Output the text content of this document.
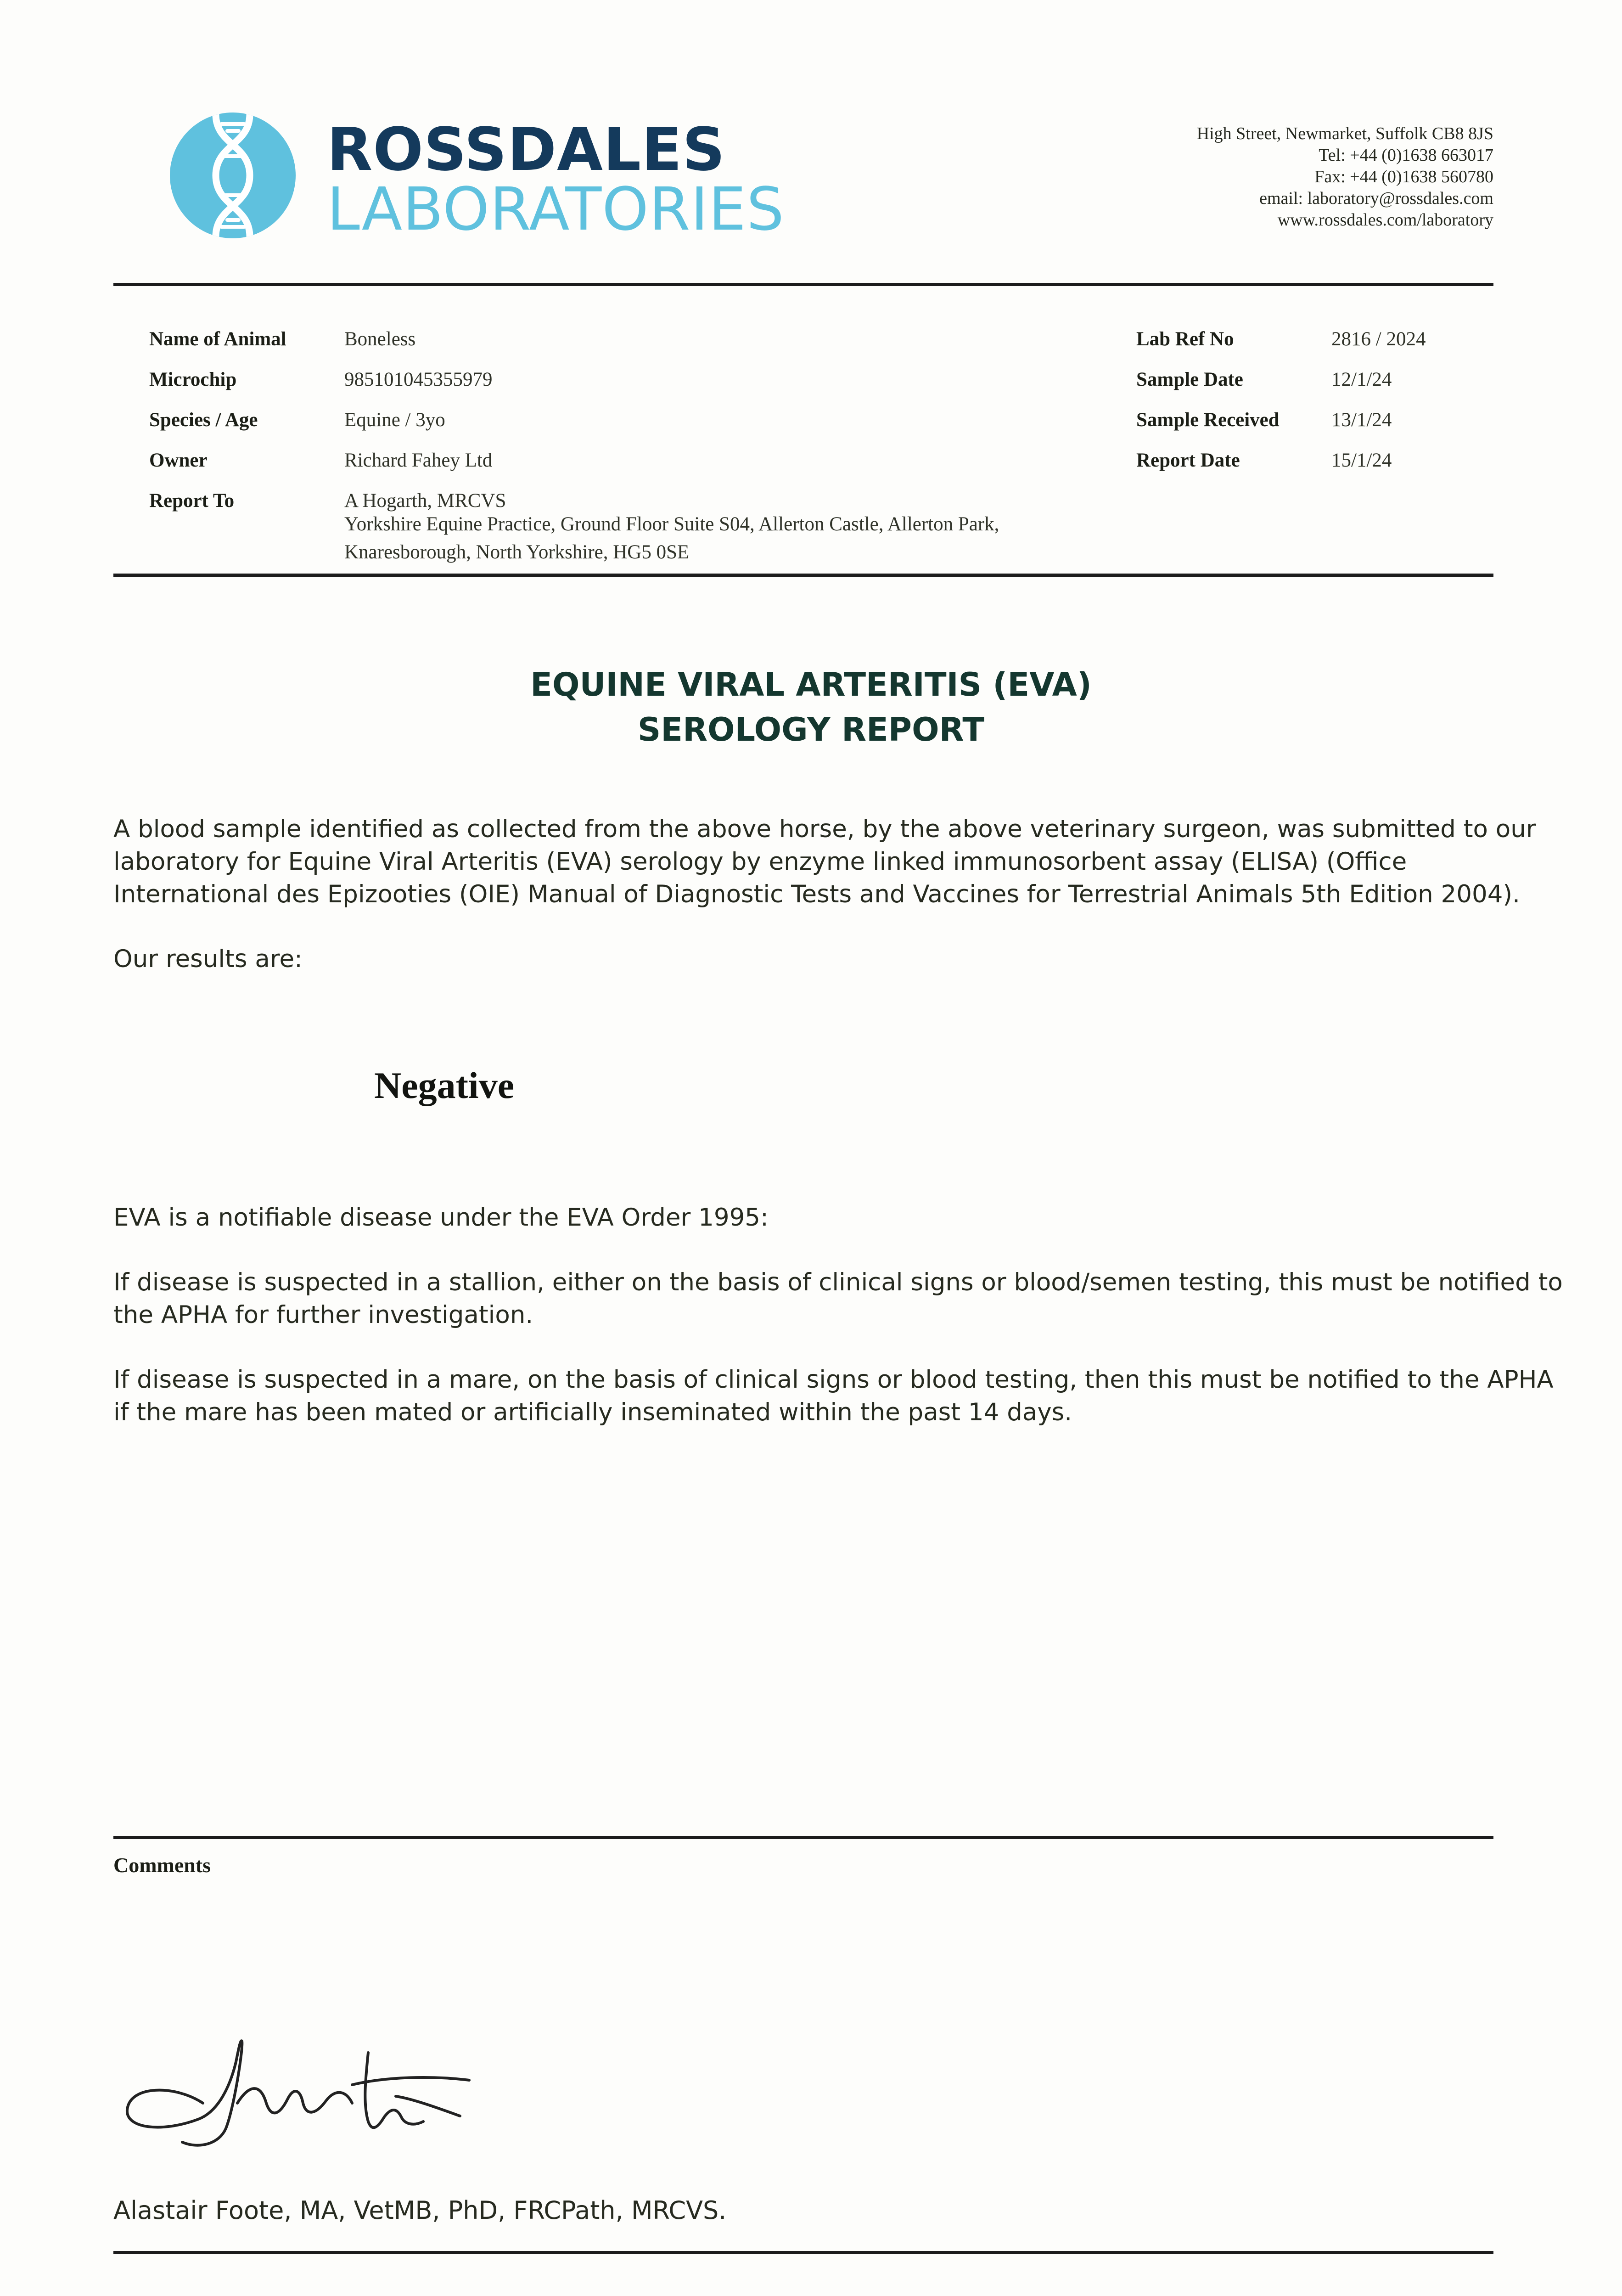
ROSSDALES
LABORATORIES
High Street, Newmarket, Suffolk CB8 8JS
Tel: +44 (0)1638 663017
Fax: +44 (0)1638 560780
email: laboratory@rossdales.com
www.rossdales.com/laboratory
Name of Animal	Boneless
Microchip	985101045355979
Species / Age	Equine / 3yo
Owner	Richard Fahey Ltd
Report To	A Hogarth, MRCVS
Yorkshire Equine Practice, Ground Floor Suite S04, Allerton Castle, Allerton Park,
Knaresborough, North Yorkshire, HG5 0SE
Lab Ref No	2816 / 2024
Sample Date	12/1/24
Sample Received	13/1/24
Report Date	15/1/24
EQUINE VIRAL ARTERITIS (EVA)
SEROLOGY REPORT
A blood sample identified as collected from the above horse, by the above veterinary surgeon, was submitted to our
laboratory for Equine Viral Arteritis (EVA) serology by enzyme linked immunosorbent assay (ELISA) (Office
International des Epizooties (OIE) Manual of Diagnostic Tests and Vaccines for Terrestrial Animals 5th Edition 2004).
Our results are:
Negative
EVA is a notifiable disease under the EVA Order 1995:
If disease is suspected in a stallion, either on the basis of clinical signs or blood/semen testing, this must be notified to
the APHA for further investigation.
If disease is suspected in a mare, on the basis of clinical signs or blood testing, then this must be notified to the APHA
if the mare has been mated or artificially inseminated within the past 14 days.
Comments
Alastair Foote, MA, VetMB, PhD, FRCPath, MRCVS.
